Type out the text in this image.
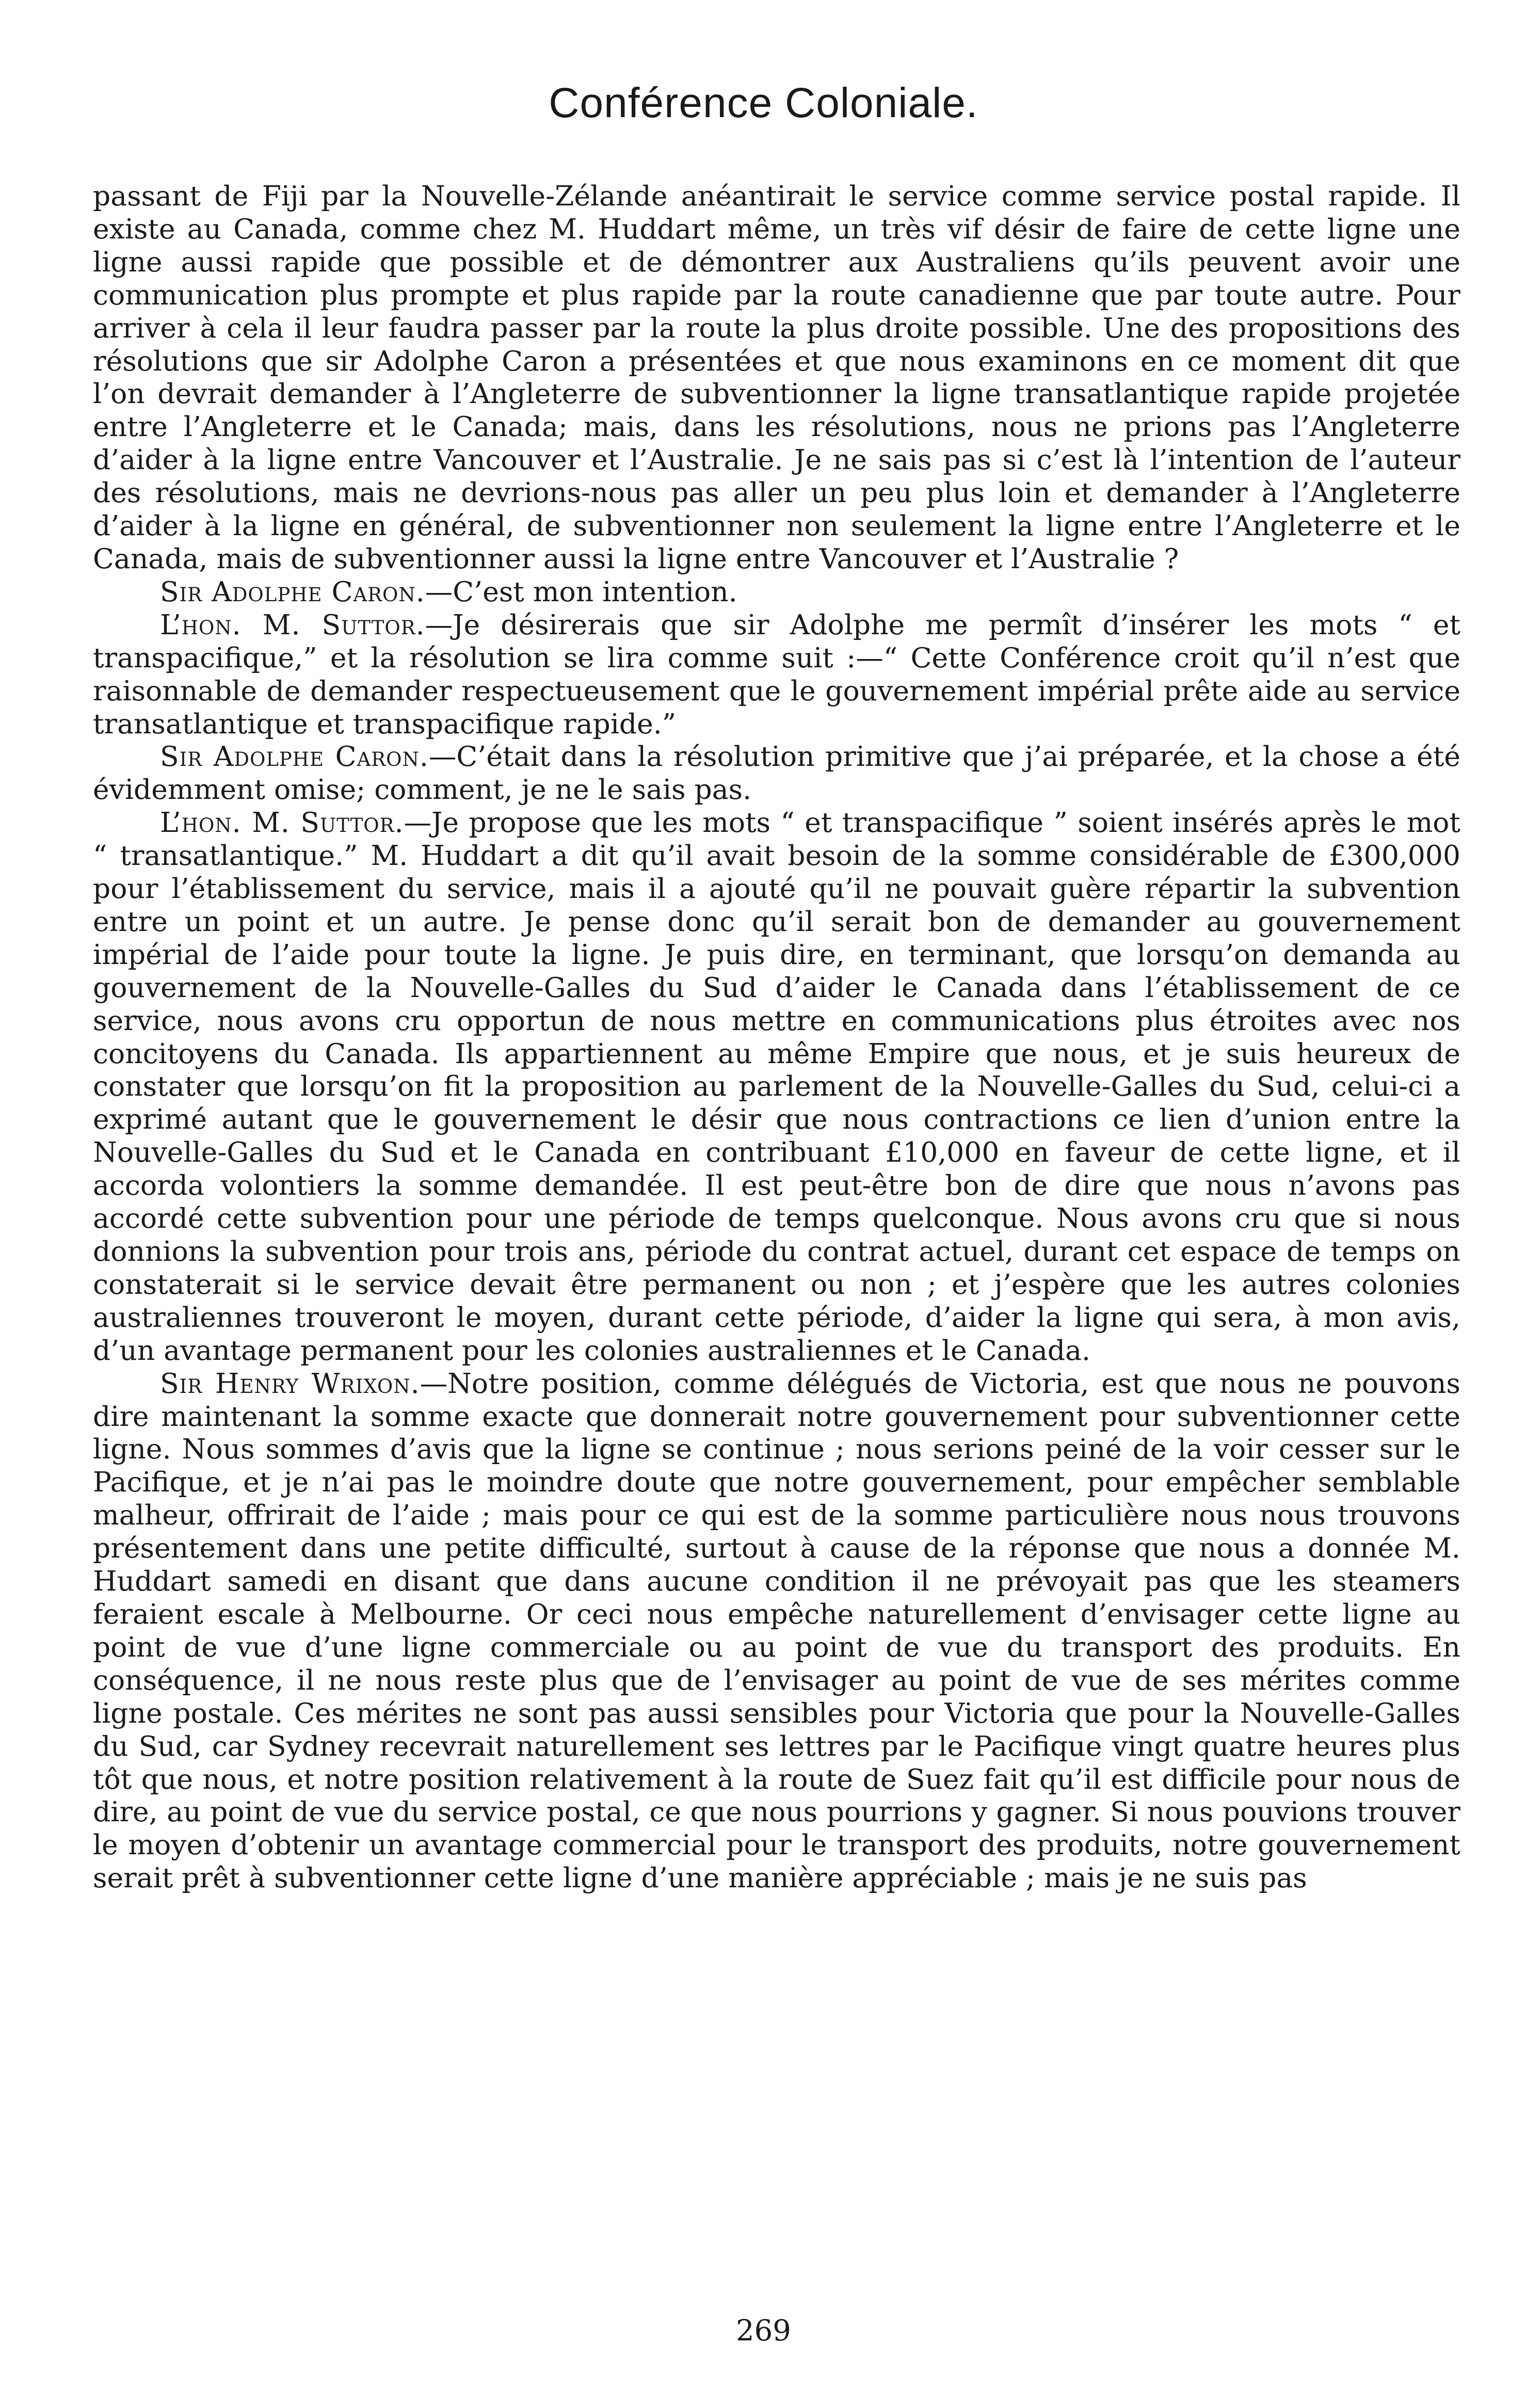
Conférence Coloniale.

passant de Fiji par la Nouvelle-Zélande anéantirait le service comme service postal rapide. Il existe au Canada, comme chez M. Huddart même, un très vif désir de faire de cette ligne une ligne aussi rapide que possible et de démontrer aux Australiens qu’ils peuvent avoir une communication plus prompte et plus rapide par la route canadienne que par toute autre. Pour arriver à cela il leur faudra passer par la route la plus droite possible. Une des propositions des résolutions que sir Adolphe Caron a présentées et que nous examinons en ce moment dit que l’on devrait demander à l’Angleterre de subventionner la ligne transatlantique rapide projetée entre l’Angleterre et le Canada; mais, dans les résolutions, nous ne prions pas l’Angleterre d’aider à la ligne entre Vancouver et l’Australie. Je ne sais pas si c’est là l’intention de l’auteur des résolutions, mais ne devrions-nous pas aller un peu plus loin et demander à l’Angleterre d’aider à la ligne en général, de subventionner non seulement la ligne entre l’Angleterre et le Canada, mais de subventionner aussi la ligne entre Vancouver et l’Australie ?

Sir Adolphe Caron.—C’est mon intention.

L’hon. M. Suttor.—Je désirerais que sir Adolphe me permît d’insérer les mots “ et transpacifique,” et la résolution se lira comme suit :—“ Cette Conférence croit qu’il n’est que raisonnable de demander respectueusement que le gouvernement impérial prête aide au service transatlantique et transpacifique rapide.”

Sir Adolphe Caron.—C’était dans la résolution primitive que j’ai préparée, et la chose a été évidemment omise; comment, je ne le sais pas.

L’hon. M. Suttor.—Je propose que les mots “ et transpacifique ” soient insérés après le mot “ transatlantique.” M. Huddart a dit qu’il avait besoin de la somme considérable de £300,000 pour l’établissement du service, mais il a ajouté qu’il ne pouvait guère répartir la subvention entre un point et un autre. Je pense donc qu’il serait bon de demander au gouvernement impérial de l’aide pour toute la ligne. Je puis dire, en terminant, que lorsqu’on demanda au gouvernement de la Nouvelle-Galles du Sud d’aider le Canada dans l’établissement de ce service, nous avons cru opportun de nous mettre en communications plus étroites avec nos concitoyens du Canada. Ils appartiennent au même Empire que nous, et je suis heureux de constater que lorsqu’on fit la proposition au parlement de la Nouvelle-Galles du Sud, celui-ci a exprimé autant que le gouvernement le désir que nous contractions ce lien d’union entre la Nouvelle-Galles du Sud et le Canada en contribuant £10,000 en faveur de cette ligne, et il accorda volontiers la somme demandée. Il est peut-être bon de dire que nous n’avons pas accordé cette subvention pour une période de temps quelconque. Nous avons cru que si nous donnions la subvention pour trois ans, période du contrat actuel, durant cet espace de temps on constaterait si le service devait être permanent ou non ; et j’espère que les autres colonies australiennes trouveront le moyen, durant cette période, d’aider la ligne qui sera, à mon avis, d’un avantage permanent pour les colonies australiennes et le Canada.

Sir Henry Wrixon.—Notre position, comme délégués de Victoria, est que nous ne pouvons dire maintenant la somme exacte que donnerait notre gouvernement pour subventionner cette ligne. Nous sommes d’avis que la ligne se continue ; nous serions peiné de la voir cesser sur le Pacifique, et je n’ai pas le moindre doute que notre gouvernement, pour empêcher semblable malheur, offrirait de l’aide ; mais pour ce qui est de la somme particulière nous nous trouvons présentement dans une petite difficulté, surtout à cause de la réponse que nous a donnée M. Huddart samedi en disant que dans aucune condition il ne prévoyait pas que les steamers feraient escale à Melbourne. Or ceci nous empêche naturellement d’envisager cette ligne au point de vue d’une ligne commerciale ou au point de vue du transport des produits. En conséquence, il ne nous reste plus que de l’envisager au point de vue de ses mérites comme ligne postale. Ces mérites ne sont pas aussi sensibles pour Victoria que pour la Nouvelle-Galles du Sud, car Sydney recevrait naturellement ses lettres par le Pacifique vingt quatre heures plus tôt que nous, et notre position relativement à la route de Suez fait qu’il est difficile pour nous de dire, au point de vue du service postal, ce que nous pourrions y gagner. Si nous pouvions trouver le moyen d’obtenir un avantage commercial pour le transport des produits, notre gouvernement serait prêt à subventionner cette ligne d’une manière appréciable ; mais je ne suis pas

269
